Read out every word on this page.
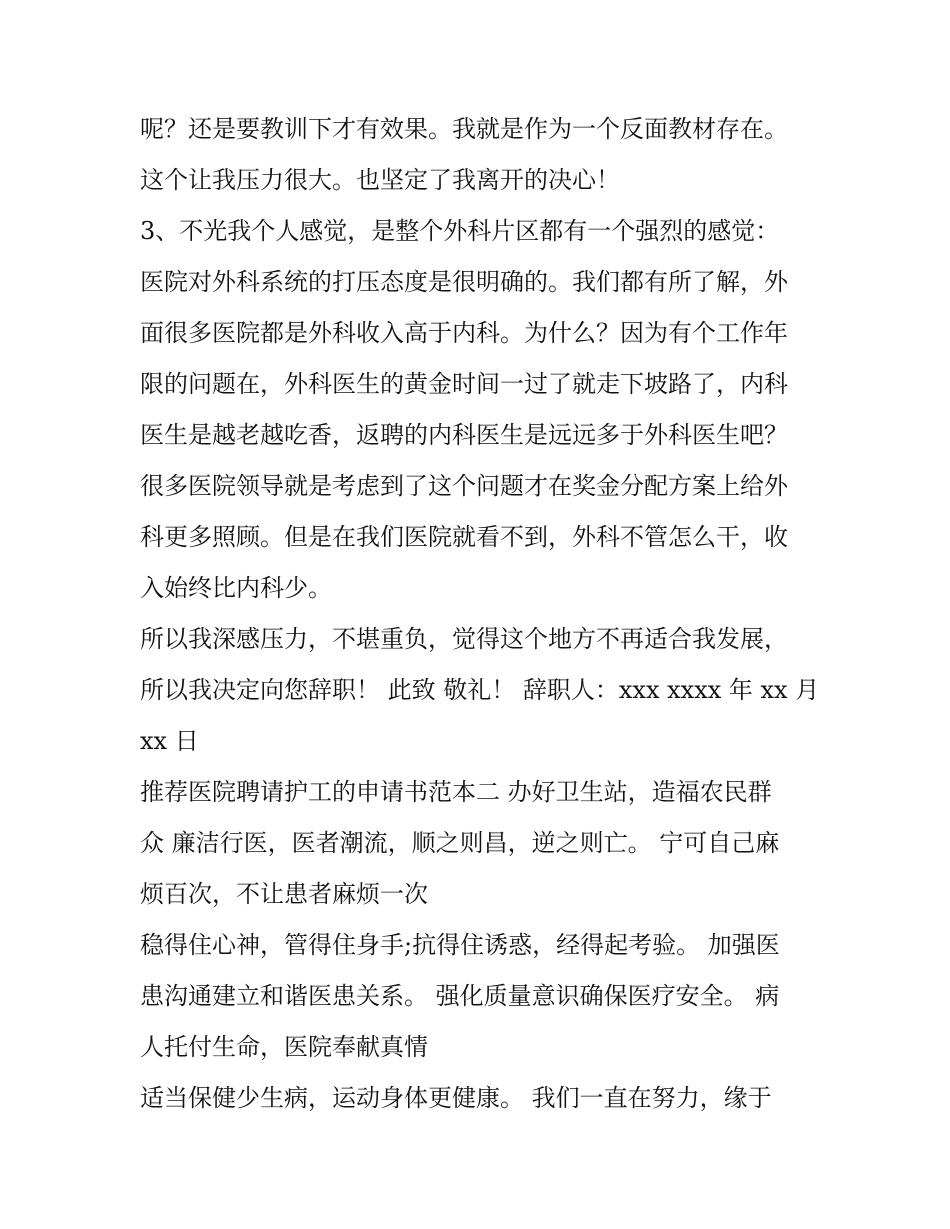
呢？还是要教训下才有效果。我就是作为一个反面教材存在。
这个让我压力很大。也坚定了我离开的决心！
3、不光我个人感觉，是整个外科片区都有一个强烈的感觉：
医院对外科系统的打压态度是很明确的。我们都有所了解，外
面很多医院都是外科收入高于内科。为什么？因为有个工作年
限的问题在，外科医生的黄金时间一过了就走下坡路了，内科
医生是越老越吃香，返聘的内科医生是远远多于外科医生吧？
很多医院领导就是考虑到了这个问题才在奖金分配方案上给外
科更多照顾。但是在我们医院就看不到，外科不管怎么干，收
入始终比内科少。
所以我深感压力，不堪重负，觉得这个地方不再适合我发展，
所以我决定向您辞职！ 此致 敬礼！ 辞职人：xxx xxxx 年 xx 月
xx 日
推荐医院聘请护工的申请书范本二 办好卫生站，造福农民群
众 廉洁行医，医者潮流，顺之则昌，逆之则亡。 宁可自己麻
烦百次，不让患者麻烦一次
稳得住心神，管得住身手;抗得住诱惑，经得起考验。 加强医
患沟通建立和谐医患关系。 强化质量意识确保医疗安全。 病
人托付生命，医院奉献真情
适当保健少生病，运动身体更健康。 我们一直在努力，缘于
